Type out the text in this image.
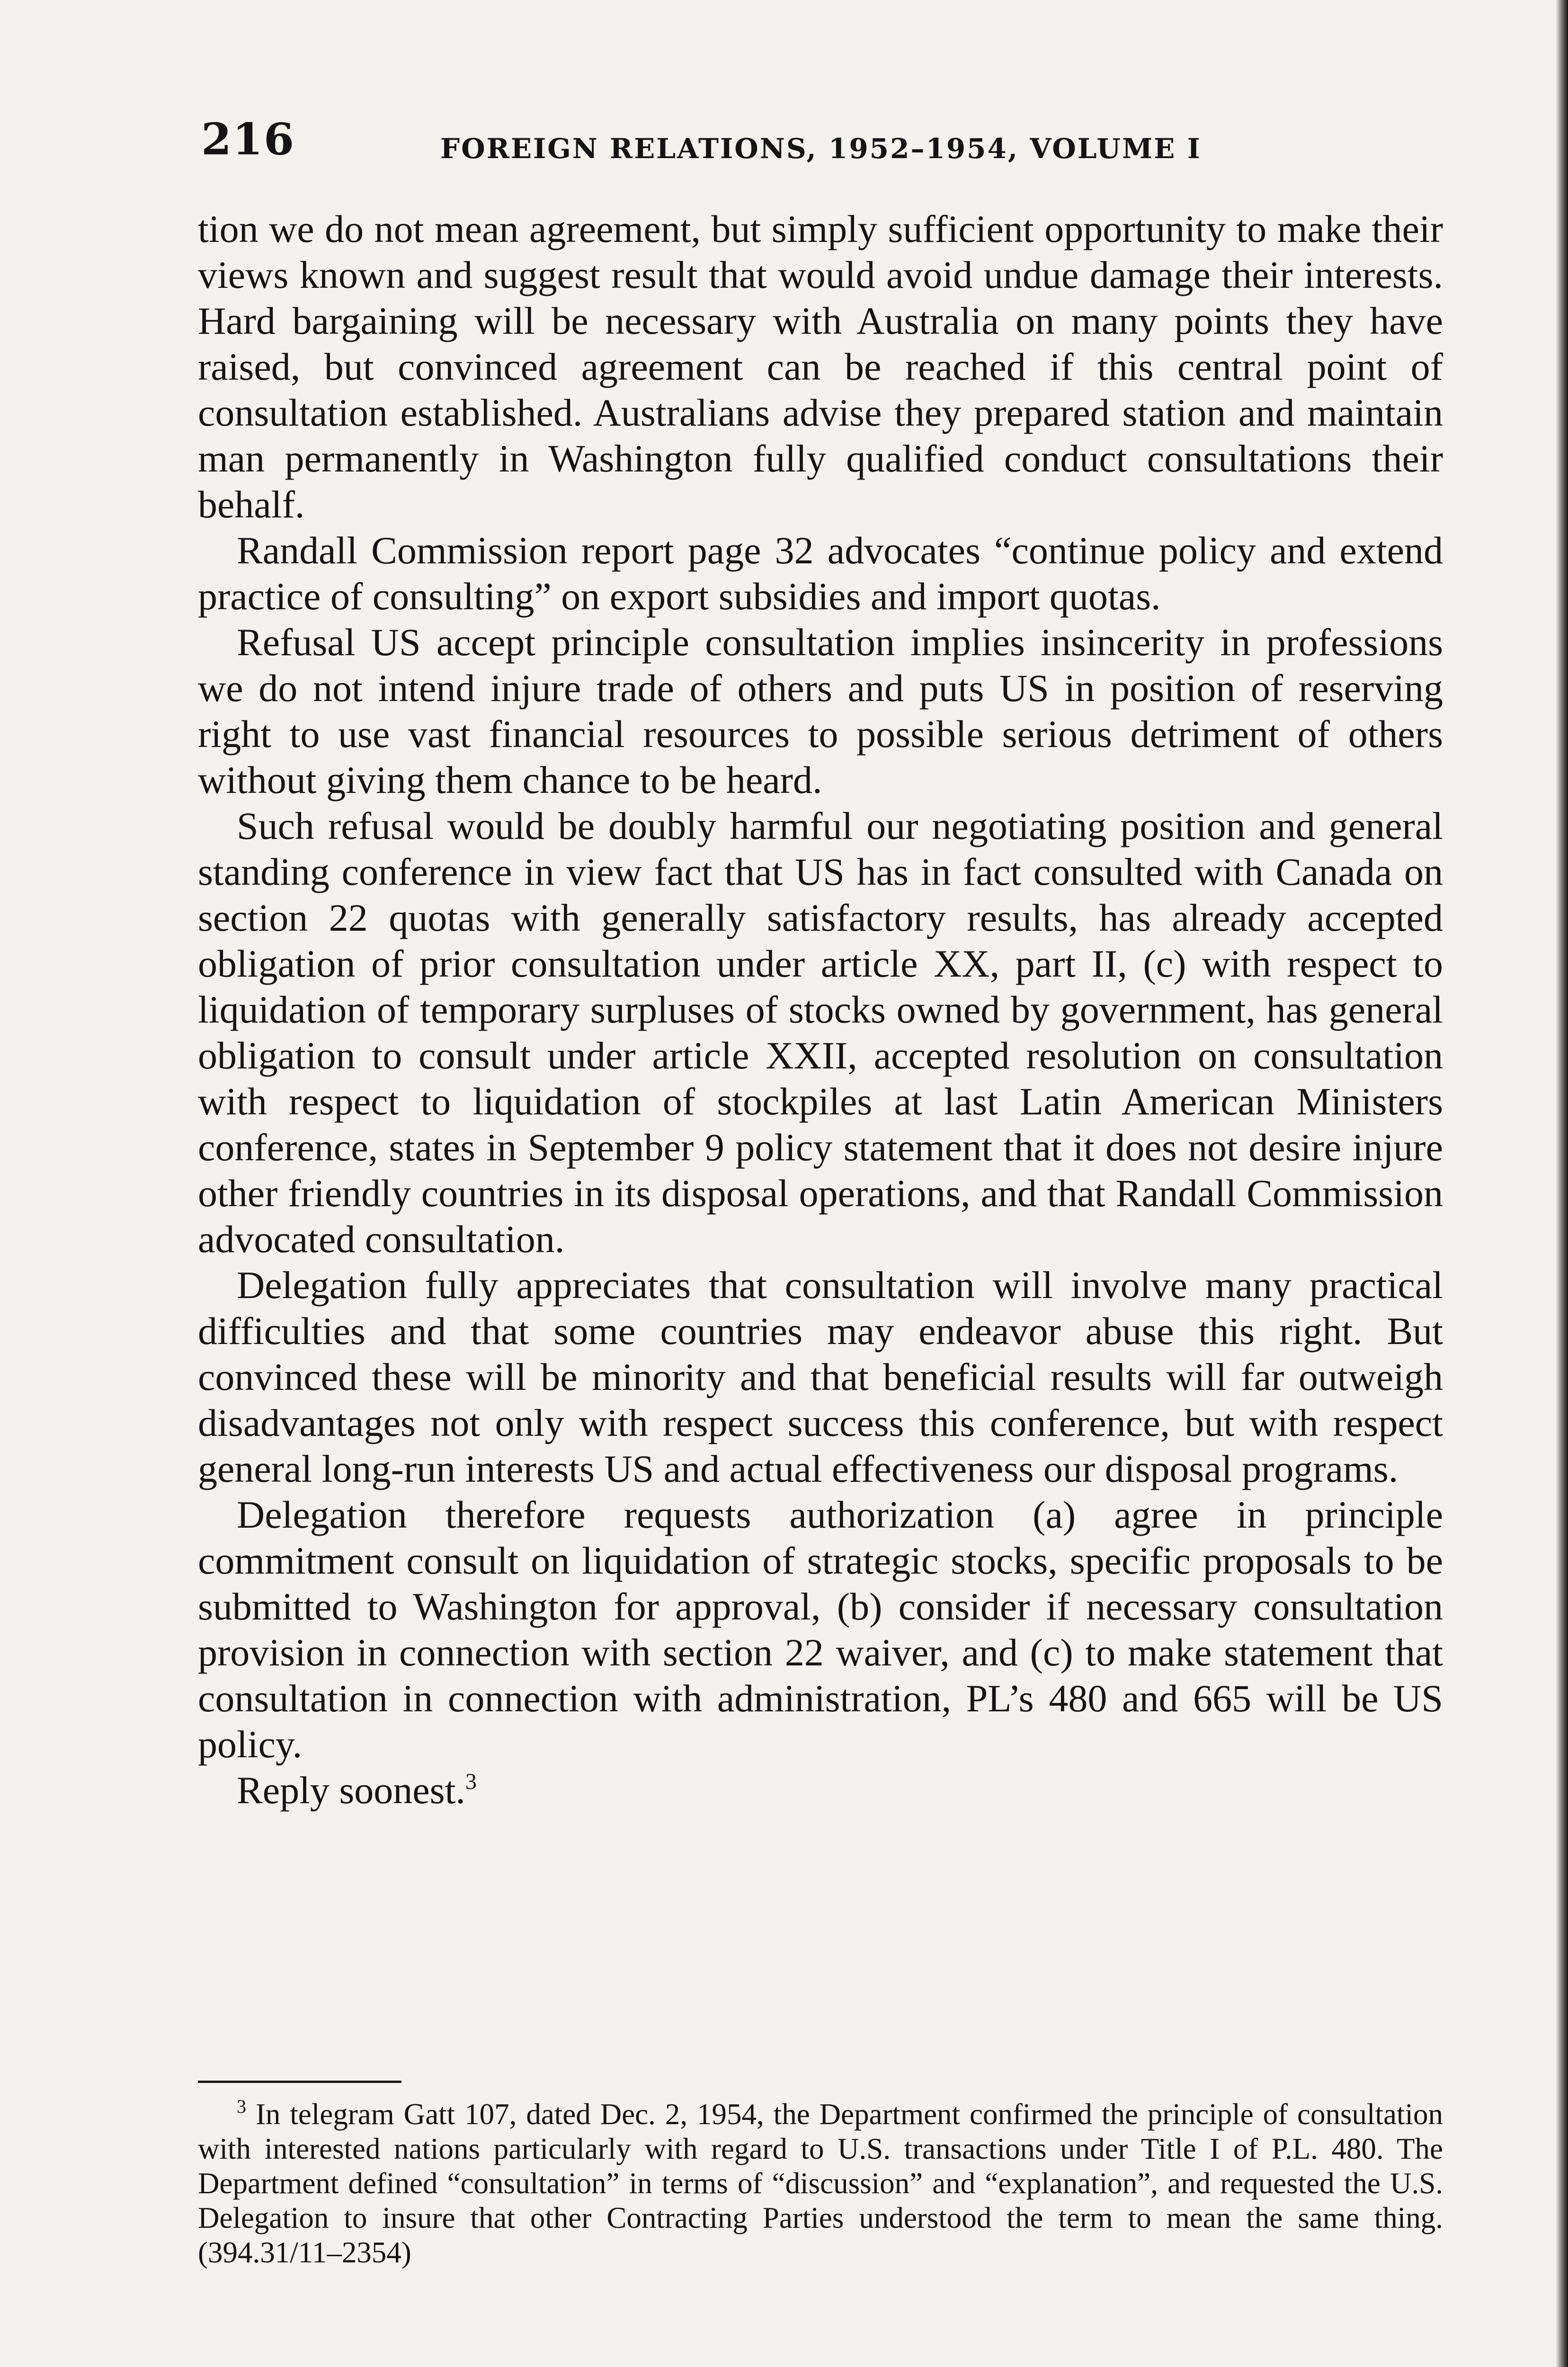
216	FOREIGN RELATIONS, 1952–1954, VOLUME I

tion we do not mean agreement, but simply sufficient opportunity to make their views known and suggest result that would avoid undue damage their interests. Hard bargaining will be necessary with Australia on many points they have raised, but convinced agreement can be reached if this central point of consultation established. Australians advise they prepared station and maintain man permanently in Washington fully qualified conduct consultations their behalf.

Randall Commission report page 32 advocates “continue policy and extend practice of consulting” on export subsidies and import quotas.

Refusal US accept principle consultation implies insincerity in professions we do not intend injure trade of others and puts US in position of reserving right to use vast financial resources to possible serious detriment of others without giving them chance to be heard.

Such refusal would be doubly harmful our negotiating position and general standing conference in view fact that US has in fact consulted with Canada on section 22 quotas with generally satisfactory results, has already accepted obligation of prior consultation under article XX, part II, (c) with respect to liquidation of temporary surpluses of stocks owned by government, has general obligation to consult under article XXII, accepted resolution on consultation with respect to liquidation of stockpiles at last Latin American Ministers conference, states in September 9 policy statement that it does not desire injure other friendly countries in its disposal operations, and that Randall Commission advocated consultation.

Delegation fully appreciates that consultation will involve many practical difficulties and that some countries may endeavor abuse this right. But convinced these will be minority and that beneficial results will far outweigh disadvantages not only with respect success this conference, but with respect general long-run interests US and actual effectiveness our disposal programs.

Delegation therefore requests authorization (a) agree in principle commitment consult on liquidation of strategic stocks, specific proposals to be submitted to Washington for approval, (b) consider if necessary consultation provision in connection with section 22 waiver, and (c) to make statement that consultation in connection with administration, PL’s 480 and 665 will be US policy.

Reply soonest.$^3$

$^3$ In telegram Gatt 107, dated Dec. 2, 1954, the Department confirmed the principle of consultation with interested nations particularly with regard to U.S. transactions under Title I of P.L. 480. The Department defined “consultation” in terms of “discussion” and “explanation”, and requested the U.S. Delegation to insure that other Contracting Parties understood the term to mean the same thing. (394.31/11–2354)
